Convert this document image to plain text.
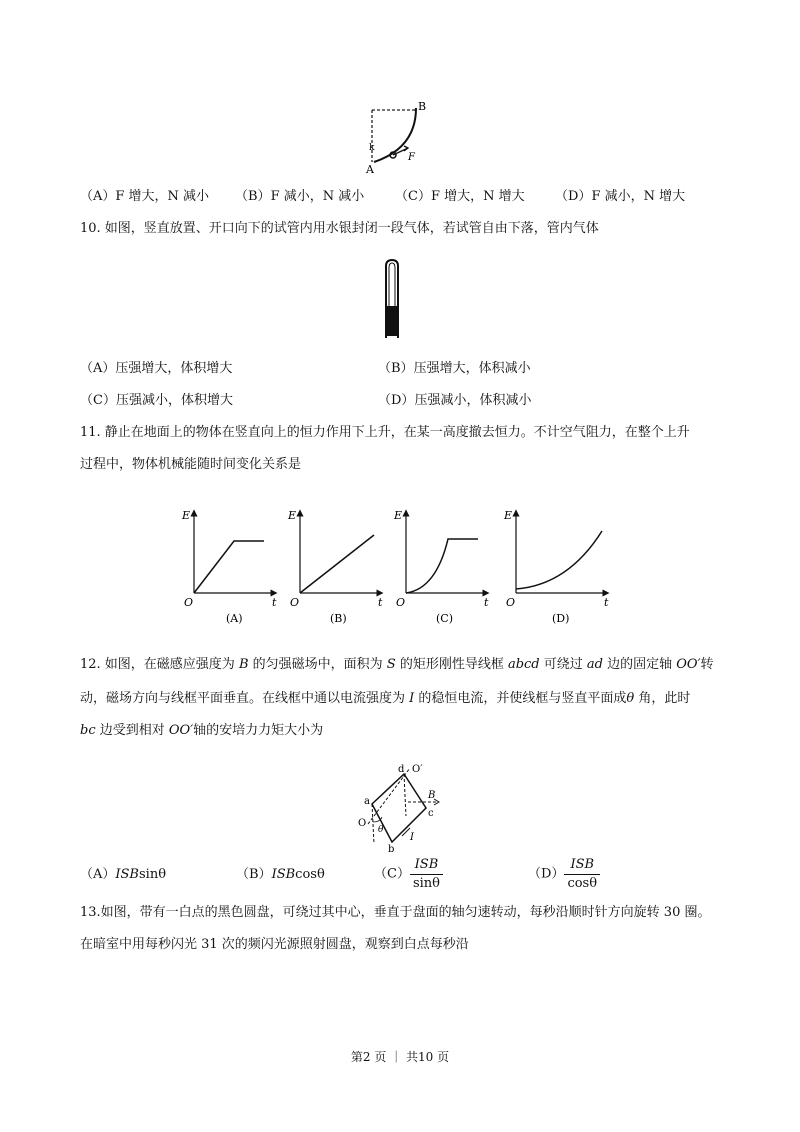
B
A
k
F
（A）F 增大，N 减小 （B）F 减小，N 减小 （C）F 增大，N 增大 （D）F 减小，N 增大
10. 如图，竖直放置、开口向下的试管内用水银封闭一段气体，若试管自由下落，管内气体
（A）压强增大，体积增大	（B）压强增大，体积减小
（C）压强减小，体积增大	（D）压强减小，体积减小
11. 静止在地面上的物体在竖直向上的恒力作用下上升，在某一高度撤去恒力。不计空气阻力，在整个上升
过程中，物体机械能随时间变化关系是
E
t
O
(A)
E
t
O
(B)
E
t
O
(C)
E
t
O
(D)
12. 如图，在磁感应强度为 B 的匀强磁场中，面积为 S 的矩形刚性导线框 abcd 可绕过 ad 边的固定轴 OO′转
动，磁场方向与线框平面垂直。在线框中通以电流强度为 I 的稳恒电流，并使线框与竖直平面成θ 角，此时
bc 边受到相对 OO′轴的安培力力矩大小为
d O′
B
a
O
θ
c
b
I
（A）ISBsinθ	（B）ISBcosθ	$(C) \frac{\text{ISB}}{\sin\theta}$	$(D) \frac{\text{ISB}}{\cos\theta}$
13.如图，带有一白点的黑色圆盘，可绕过其中心，垂直于盘面的轴匀速转动，每秒沿顺时针方向旋转 30 圈。
在暗室中用每秒闪光 31 次的频闪光源照射圆盘，观察到白点每秒沿
第2 页 ｜ 共10 页
